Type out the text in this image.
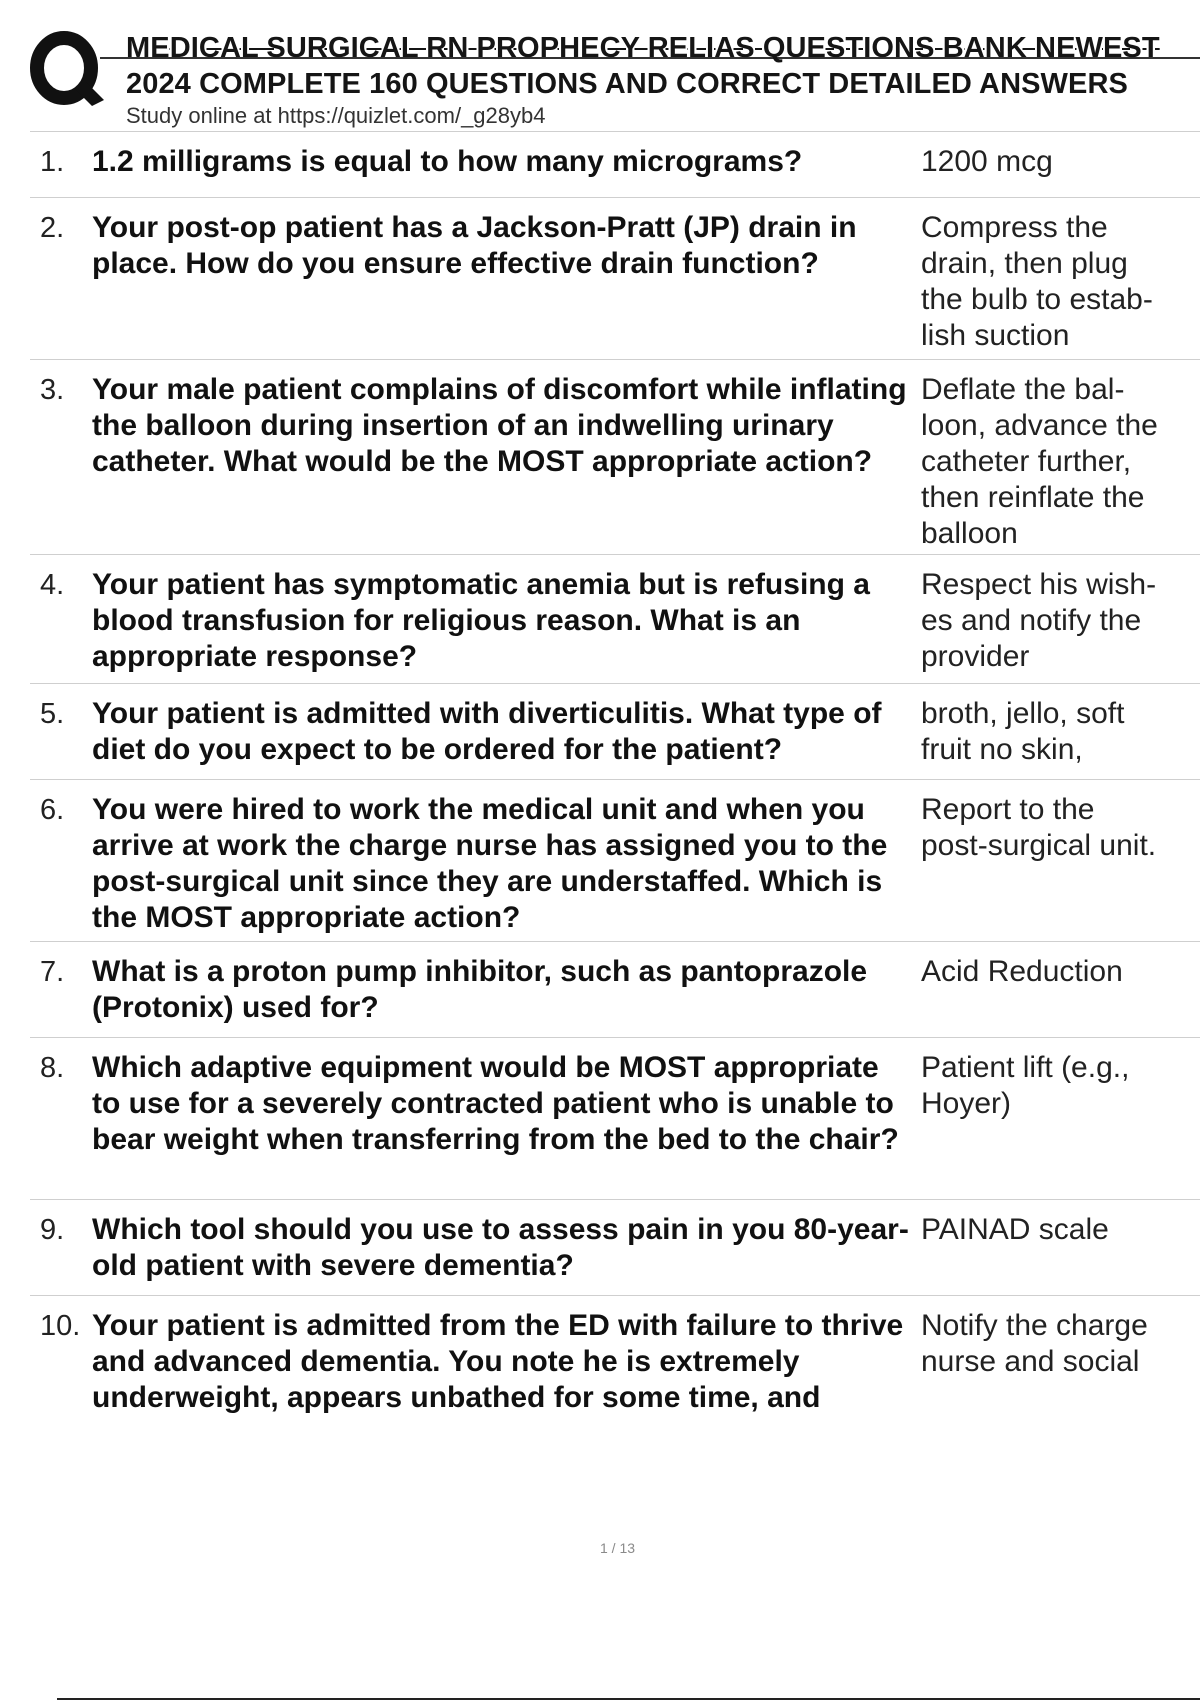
MEDICAL SURGICAL RN PROPHECY RELIAS QUESTIONS BANK NEWEST
2024 COMPLETE 160 QUESTIONS AND CORRECT DETAILED ANSWERS
Study online at https://quizlet.com/_g28yb4
1. 1.2 milligrams is equal to how many micrograms?	1200 mcg
2. Your post-op patient has a Jackson-Pratt (JP) drain in place. How do you ensure effective drain function?
Compress the
drain, then plug
the bulb to estab-
lish suction
3. Your male patient complains of discomfort while inflating the balloon during insertion of an indwelling urinary catheter. What would be the MOST appropriate action?
Deflate the bal-
loon, advance the
catheter further,
then reinflate the
balloon
4. Your patient has symptomatic anemia but is refusing a blood transfusion for religious reason. What is an appropriate response?
Respect his wish-
es and notify the
provider
5. Your patient is admitted with diverticulitis. What type of diet do you expect to be ordered for the patient?
broth, jello, soft
fruit no skin,
6. You were hired to work the medical unit and when you arrive at work the charge nurse has assigned you to the post-surgical unit since they are understaffed. Which is the MOST appropriate action?
Report to the
post-surgical unit.
7. What is a proton pump inhibitor, such as pantoprazole (Protonix) used for?
Acid Reduction
8. Which adaptive equipment would be MOST appropriate to use for a severely contracted patient who is unable to bear weight when transferring from the bed to the chair?
Patient lift (e.g.,
Hoyer)
9. Which tool should you use to assess pain in you 80-year-old patient with severe dementia?
PAINAD scale
10. Your patient is admitted from the ED with failure to thrive and advanced dementia. You note he is extremely underweight, appears unbathed for some time, and
Notify the charge
nurse and social
1 / 13
